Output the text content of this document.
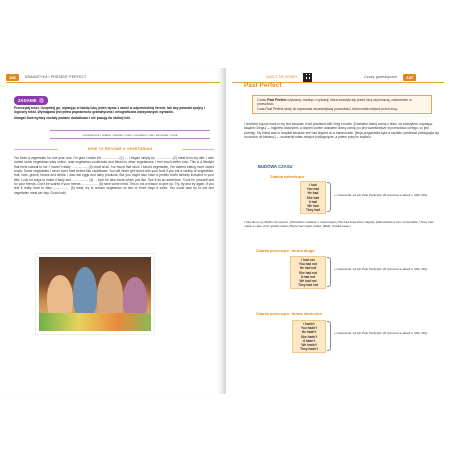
186	GRAMATYKA / PRESENT PERFECT
ZADANIE
Przeczytaj tekst. Uzupełnij go, wpisując w każdą lukę jeden wyraz z ramki w odpowiedniej formie, tak aby powstał spójny i logiczny tekst. Wymagana jest pełna poprawność gramatyczna i ortograficzna wpisywanych wyrazów.
Uwaga! Dwa wyrazy zostały podane dodatkowo i nie pasują do żadnej luki.
complement / realize / decide / miss / occasion / eat / eliminate / cook
HOW TO BECOME A VEGETARIAN
I've been a vegetarian for one year now. I'm glad I made the .................. (1) ..., I began simply by .................. (2) meat from my diet. I also visited some vegetarian sites online, read vegetarian cookbooks and talked to other vegetarians. I feel much better now. This is a lifestyle that feels natural to me. I haven't really .................. (3) meat at all. I've found that since I turned vegetarian, I've started eating more varied foods. Some vegetables I never even tried before like cauliflower. You will never get bored with your food if you eat a variety of vegetables, fruit, nuts, grains, beans and lentils. I also eat eggs and dairy products. But you might also have a protein that's already included in your diet. Look for ways to make it tasty and .................. (4) ... look for new foods which you like. See it as an adventure. Cook for yourself and for your friends. Don't be scared if your friends .................. (5) have some meat. This is not a reason to give up. Try, try and try again. If you feel it really hard to step .................. (6) meal, try to remain vegetarian on two or three days a week. You could also try to eat one vegetarian meal per day. Good luck!
NAUCZ SIĘ NOWEJ	Czasy gramatyczne	187
Past Perfect
Czasu Past Perfect używamy, mówiąc o sytuacji, która zdarzyła się przed inną czynnością, zdarzeniem w przeszłości.
Czas Past Perfect służy do wyrażania wcześniejszej przeszłości, która miała miejsce przed inną.
I received a good mark in my test because I had practised with Greg's books. [Dostałem dobrą ocenę z testu, bo ćwiczyłem, używając książek Grega.] — najpierw ćwiczyłem, a dopiero potem dostałem dobrą ocenę (co jest wcześniejsze w przeszłości od tego, co jest później). My friend was in hospital because she had slipped on a banana skin. [Moja przyjaciółka była w szpitalu, ponieważ poślizgnęła się na skórce od banana.] — wcześniej miało miejsce poślizgnięcie, a potem pobyt w szpitalu.
BUDOWA CZASU
Zdania twierdzące
I had
You had
He had
She had
It had
We had
They had
+ czasownik: ed lub Past Participle (III kolumna w tabeli s. 399–401).
I had done my Maths homework. [Odrobiłem zadanie z matematyki.] We had lived there happily. [Mieszkaliśmy tam szczęśliwie.] They had made a cake. [Oni upiekli ciasto.] Betty had made coffee. [Betty zrobiła kawę.]
Zdania przeczące: forma długa
I had not
You had not
He had not
She had not
It had not
We had not
They had not
+ czasownik: ed lub Past Participle (III kolumna w tabeli s. 399–401).
Zdania przeczące: forma skrócona
I hadn't
You hadn't
He hadn't
She hadn't
It hadn't
We hadn't
They hadn't
+ czasownik: ed lub Past Participle (III kolumna w tabeli s. 399–401).
